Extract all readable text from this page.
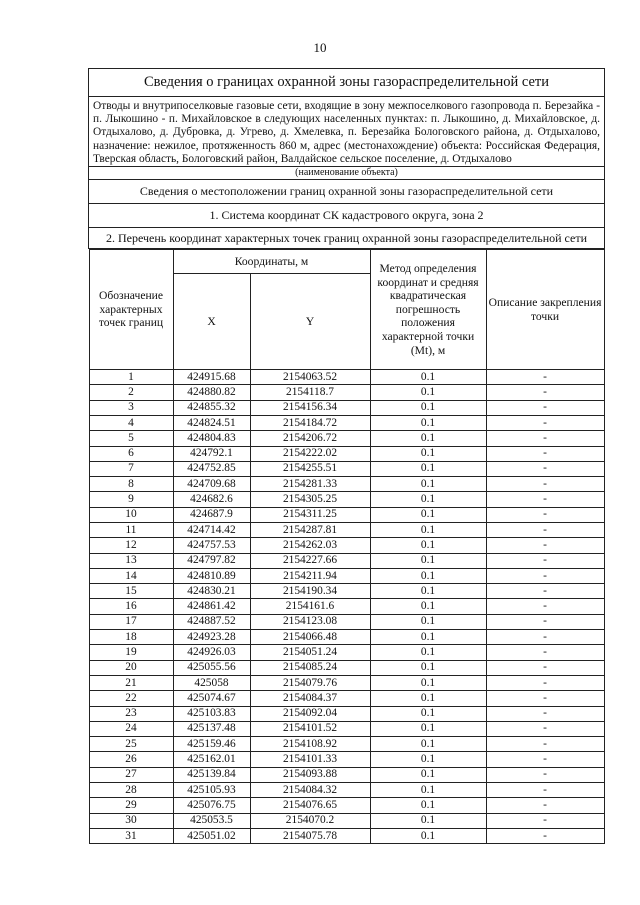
10
Сведения о границах охранной зоны газораспределительной сети
Отводы и внутрипоселковые газовые сети, входящие в зону межпоселкового газопровода п. Березайка - п. Лыкошино - п. Михайловское в следующих населенных пунктах: п. Лыкошино, д. Михайловское, д. Отдыхалово, д. Дубровка, д. Угрево, д. Хмелевка, п. Березайка Бологовского района, д. Отдыхалово, назначение: нежилое, протяженность 860 м, адрес (местонахождение) объекта: Российская Федерация, Тверская область, Бологовский район, Валдайское сельское поселение, д. Отдыхалово
(наименование объекта)
Сведения о местоположении границ охранной зоны газораспределительной сети
1. Система координат СК кадастрового округа, зона 2
2. Перечень координат характерных точек границ охранной зоны газораспределительной сети

Обозначение характерных точек границ	Координаты, м	Метод определения координат и средняя квадратическая погрешность положения характерной точки (Mt), м	Описание закрепления точки
X	Y
1	424915.68	2154063.52	0.1	-
2	424880.82	2154118.7	0.1	-
3	424855.32	2154156.34	0.1	-
4	424824.51	2154184.72	0.1	-
5	424804.83	2154206.72	0.1	-
6	424792.1	2154222.02	0.1	-
7	424752.85	2154255.51	0.1	-
8	424709.68	2154281.33	0.1	-
9	424682.6	2154305.25	0.1	-
10	424687.9	2154311.25	0.1	-
11	424714.42	2154287.81	0.1	-
12	424757.53	2154262.03	0.1	-
13	424797.82	2154227.66	0.1	-
14	424810.89	2154211.94	0.1	-
15	424830.21	2154190.34	0.1	-
16	424861.42	2154161.6	0.1	-
17	424887.52	2154123.08	0.1	-
18	424923.28	2154066.48	0.1	-
19	424926.03	2154051.24	0.1	-
20	425055.56	2154085.24	0.1	-
21	425058	2154079.76	0.1	-
22	425074.67	2154084.37	0.1	-
23	425103.83	2154092.04	0.1	-
24	425137.48	2154101.52	0.1	-
25	425159.46	2154108.92	0.1	-
26	425162.01	2154101.33	0.1	-
27	425139.84	2154093.88	0.1	-
28	425105.93	2154084.32	0.1	-
29	425076.75	2154076.65	0.1	-
30	425053.5	2154070.2	0.1	-
31	425051.02	2154075.78	0.1	-
